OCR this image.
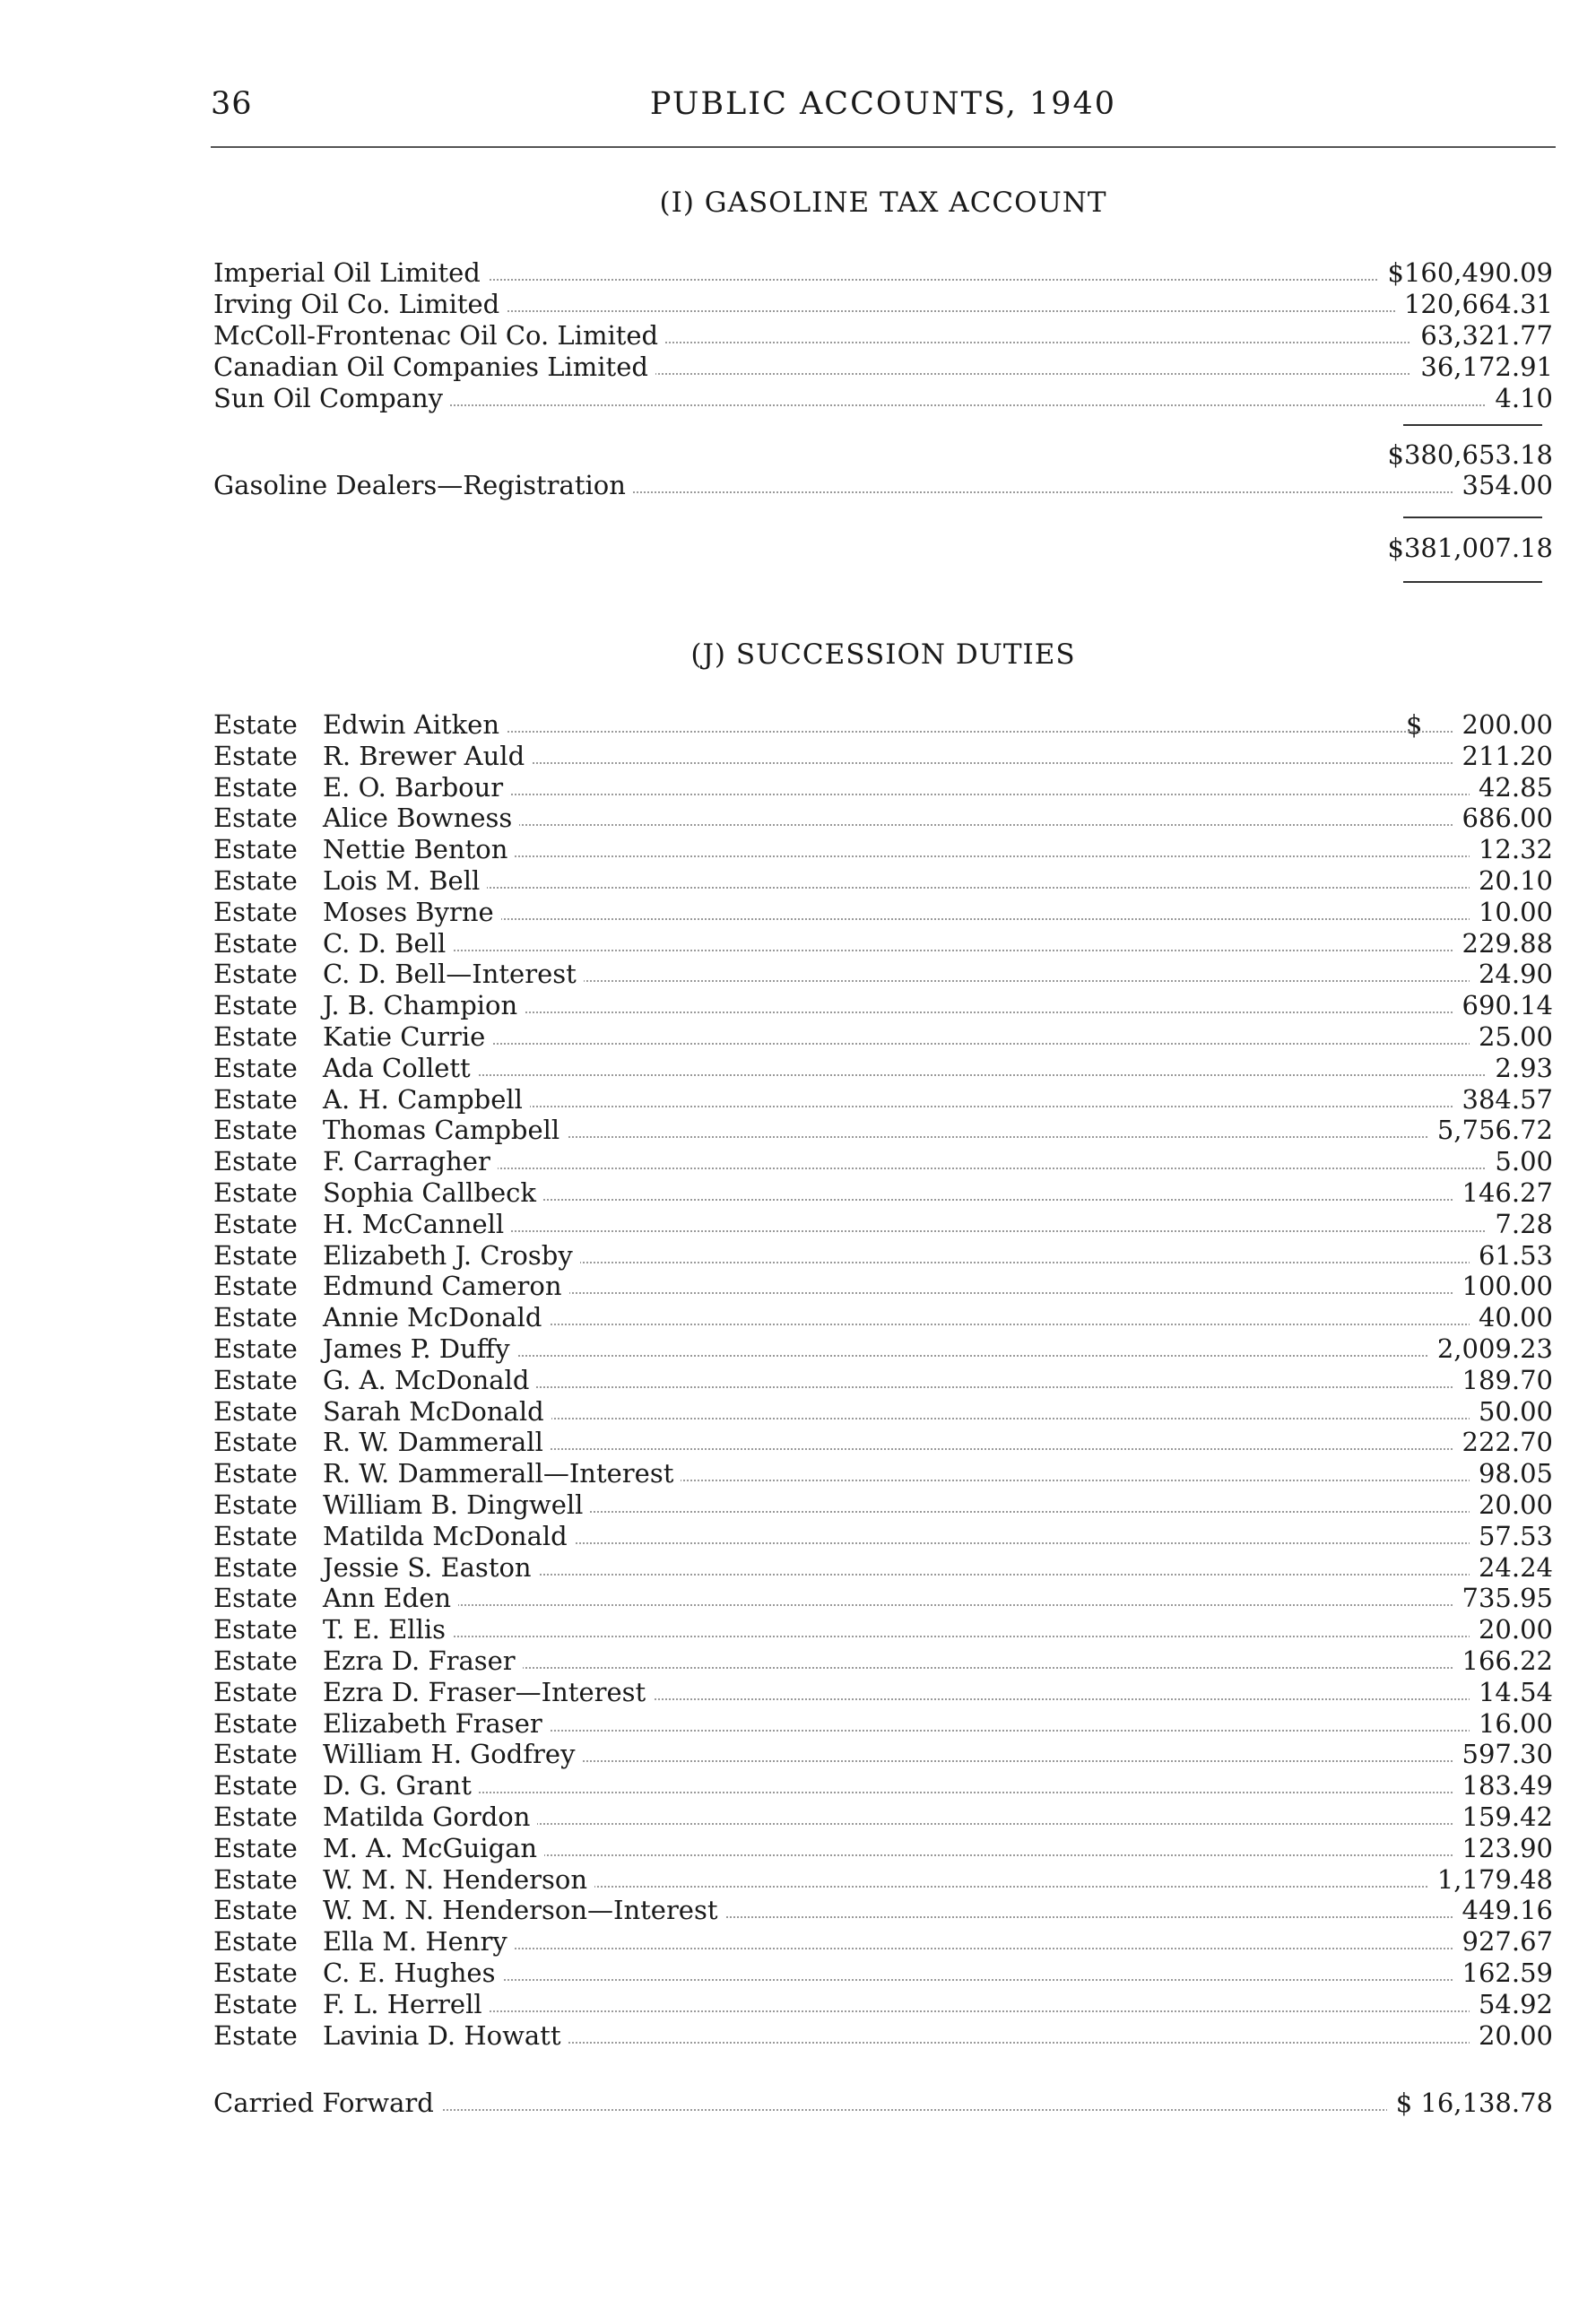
36	PUBLIC ACCOUNTS, 1940
(I) GASOLINE TAX ACCOUNT
Imperial Oil Limited	$160,490.09
Irving Oil Co. Limited	120,664.31
McColl-Frontenac Oil Co. Limited	63,321.77
Canadian Oil Companies Limited	36,172.91
Sun Oil Company	4.10
$380,653.18
Gasoline Dealers—Registration	354.00
$381,007.18
(J) SUCCESSION DUTIES
Estate Edwin Aitken	$	200.00
Estate R. Brewer Auld	211.20
Estate E. O. Barbour	42.85
Estate Alice Bowness	686.00
Estate Nettie Benton	12.32
Estate Lois M. Bell	20.10
Estate Moses Byrne	10.00
Estate C. D. Bell	229.88
Estate C. D. Bell—Interest	24.90
Estate J. B. Champion	690.14
Estate Katie Currie	25.00
Estate Ada Collett	2.93
Estate A. H. Campbell	384.57
Estate Thomas Campbell	5,756.72
Estate F. Carragher	5.00
Estate Sophia Callbeck	146.27
Estate H. McCannell	7.28
Estate Elizabeth J. Crosby	61.53
Estate Edmund Cameron	100.00
Estate Annie McDonald	40.00
Estate James P. Duffy	2,009.23
Estate G. A. McDonald	189.70
Estate Sarah McDonald	50.00
Estate R. W. Dammerall	222.70
Estate R. W. Dammerall—Interest	98.05
Estate William B. Dingwell	20.00
Estate Matilda McDonald	57.53
Estate Jessie S. Easton	24.24
Estate Ann Eden	735.95
Estate T. E. Ellis	20.00
Estate Ezra D. Fraser	166.22
Estate Ezra D. Fraser—Interest	14.54
Estate Elizabeth Fraser	16.00
Estate William H. Godfrey	597.30
Estate D. G. Grant	183.49
Estate Matilda Gordon	159.42
Estate M. A. McGuigan	123.90
Estate W. M. N. Henderson	1,179.48
Estate W. M. N. Henderson—Interest	449.16
Estate Ella M. Henry	927.67
Estate C. E. Hughes	162.59
Estate F. L. Herrell	54.92
Estate Lavinia D. Howatt	20.00
Carried Forward	$ 16,138.78
